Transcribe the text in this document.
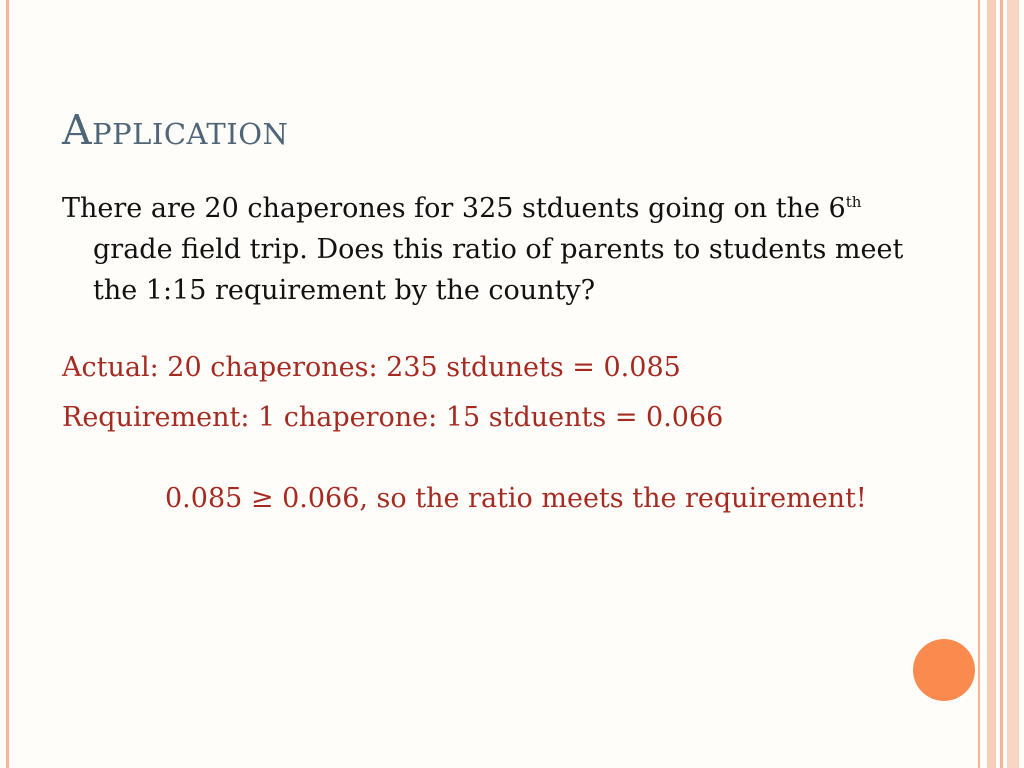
Application

There are 20 chaperones for 325 stduents going on the 6th grade field trip. Does this ratio of parents to students meet the 1:15 requirement by the county?

Actual: 20 chaperones: 235 stdunets = 0.085

Requirement: 1 chaperone: 15 stduents = 0.066

0.085 ≥ 0.066, so the ratio meets the requirement!
